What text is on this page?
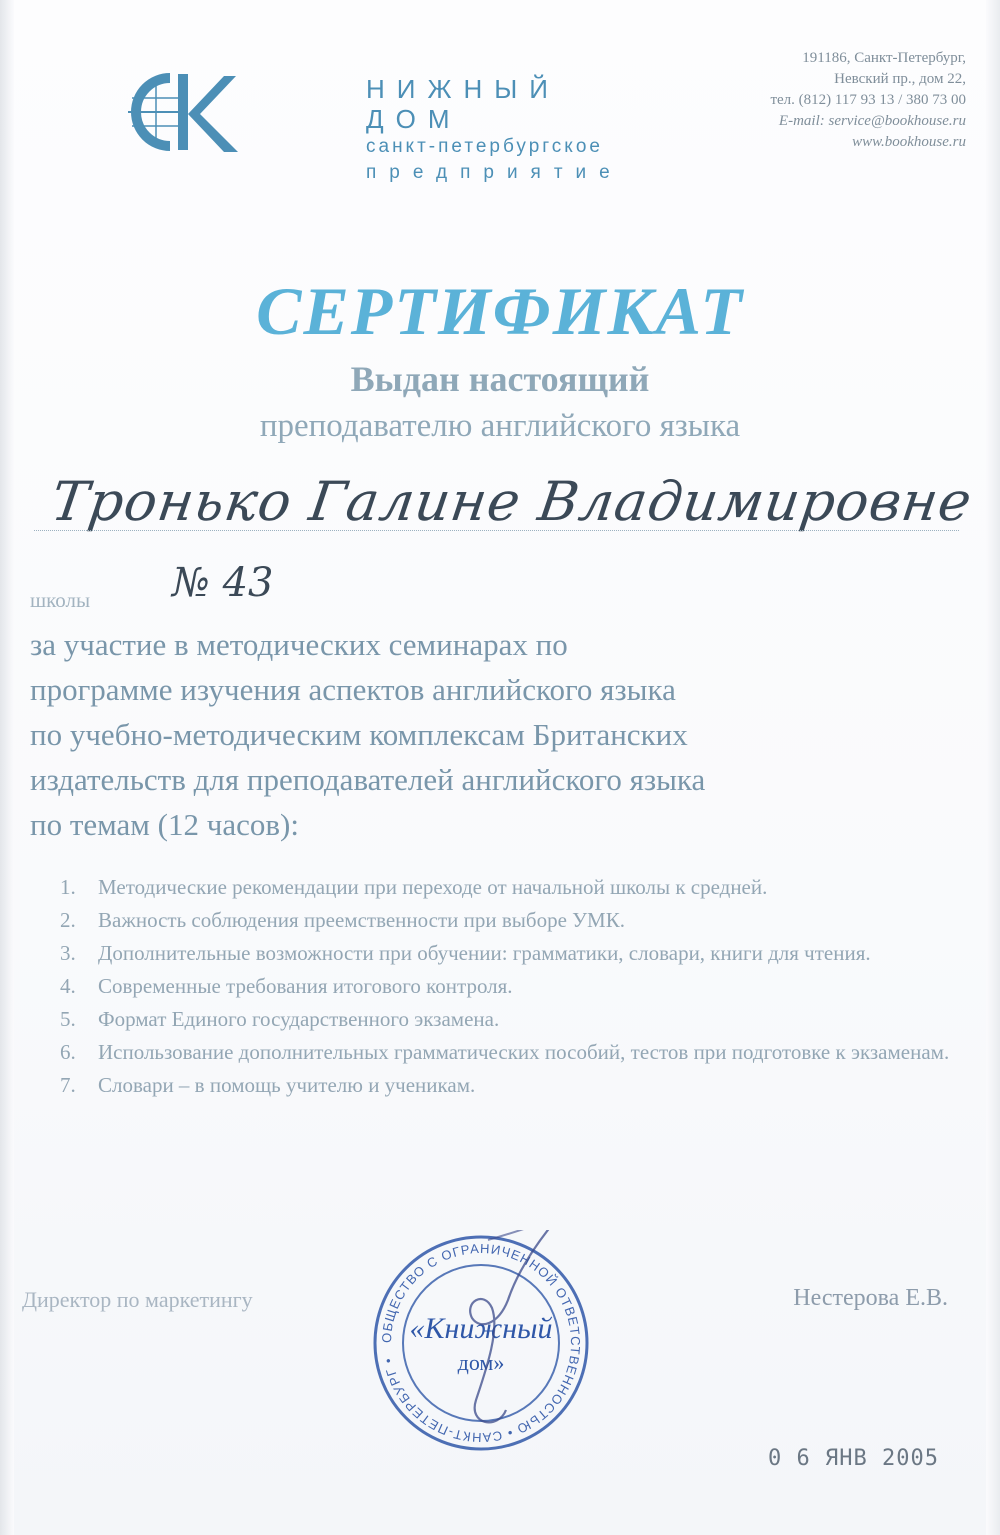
НИЖНЫЙ ДОМ
санкт-петербургское
предприятие
191186, Санкт-Петербург,
Невский пр., дом 22,
тел. (812) 117 93 13 / 380 73 00
E-mail: service@bookhouse.ru
www.bookhouse.ru
СЕРТИФИКАТ
Выдан настоящий
преподавателю английского языка
Тронько Галине Владимировне
школы № 43
за участие в методических семинарах по
программе изучения аспектов английского языка
по учебно-методическим комплексам Британских
издательств для преподавателей английского языка
по темам (12 часов):
1. Методические рекомендации при переходе от начальной школы к средней.
2. Важность соблюдения преемственности при выборе УМК.
3. Дополнительные возможности при обучении: грамматики, словари, книги для чтения.
4. Современные требования итогового контроля.
5. Формат Единого государственного экзамена.
6. Использование дополнительных грамматических пособий, тестов при подготовке к экзаменам.
7. Словари – в помощь учителю и ученикам.
Директор по маркетингу	Нестерова Е.В.
ОБЩЕСТВО С ОГРАНИЧЕННОЙ ОТВЕТСТВЕННОСТЬЮ • САНКТ-ПЕТЕРБУРГ •
«Книжный
дом»
0 6 ЯНВ 2005
